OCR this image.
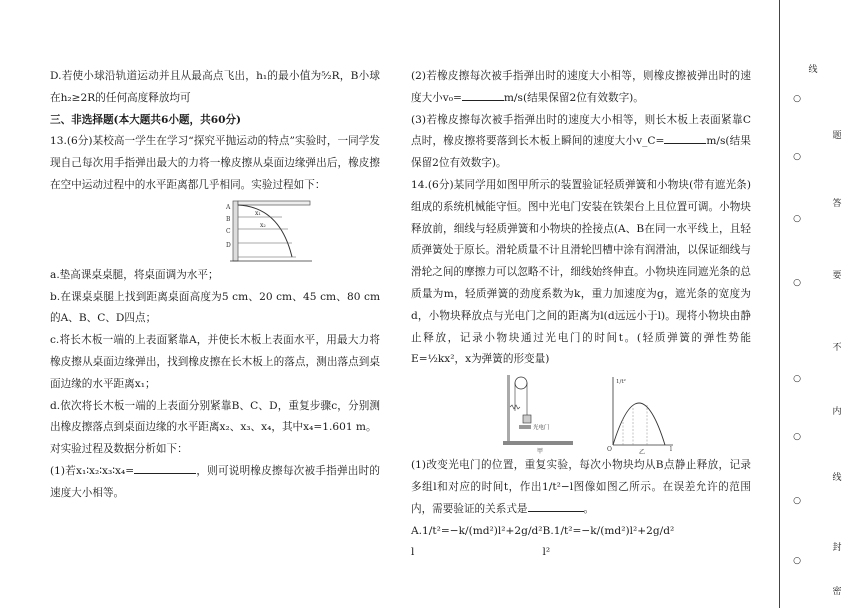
D.若使小球沿轨道运动并且从最高点飞出，h₁的最小值为⁵⁄₂R，B小球在h₂≥2R的任何高度释放均可

三、非选择题(本大题共6小题，共60分)

13.(6分)某校高一学生在学习“探究平抛运动的特点”实验时，一同学发现自己每次用手指弹出最大的力将一橡皮擦从桌面边缘弹出后，橡皮擦在空中运动过程中的水平距离都几乎相同。实验过程如下：

A
B
C
D
x₁
x₂

a.垫高课桌桌腿，将桌面调为水平；

b.在课桌桌腿上找到距离桌面高度为5 cm、20 cm、45 cm、80 cm的A、B、C、D四点；

c.将长木板一端的上表面紧靠A，并使长木板上表面水平，用最大力将橡皮擦从桌面边缘弹出，找到橡皮擦在长木板上的落点，测出落点到桌面边缘的水平距离x₁；

d.依次将长木板一端的上表面分别紧靠B、C、D，重复步骤c，分别测出橡皮擦落点到桌面边缘的水平距离x₂、x₃、x₄，其中x₄=1.601 m。

对实验过程及数据分析如下：

(1)若x₁∶x₂∶x₃∶x₄=	，则可说明橡皮擦每次被手指弹出时的速度大小相等。

(2)若橡皮擦每次被手指弹出时的速度大小相等，则橡皮擦被弹出时的速度大小v₀=	m/s(结果保留2位有效数字)。

(3)若橡皮擦每次被手指弹出时的速度大小相等，则长木板上表面紧靠C点时，橡皮擦将要落到长木板上瞬间的速度大小v_C=	m/s(结果保留2位有效数字)。

14.(6分)某同学用如图甲所示的装置验证轻质弹簧和小物块(带有遮光条)组成的系统机械能守恒。图中光电门安装在铁架台上且位置可调。小物块释放前，细线与轻质弹簧和小物块的拴接点(A、B在同一水平线上，且轻质弹簧处于原长。滑轮质量不计且滑轮凹槽中涂有润滑油，以保证细线与滑轮之间的摩擦力可以忽略不计，细线始终伸直。小物块连同遮光条的总质量为m，轻质弹簧的劲度系数为k，重力加速度为g，遮光条的宽度为d，小物块释放点与光电门之间的距离为l(d远远小于l)。现将小物块由静止释放，记录小物块通过光电门的时间t。(轻质弹簧的弹性势能E=½kx²，x为弹簧的形变量)

光电门
甲
1/t²
l
O	乙

(1)改变光电门的位置，重复实验，每次小物块均从B点静止释放，记录多组l和对应的时间t，作出1/t²−l图像如图乙所示。在误差允许的范围内，需要验证的关系式是	。

A.1/t²=−k/(md²)l²+2g/d² l
B.1/t²=−k/(md²)l²+2g/d² l²
线
○
题
○
答
○
要
○
不
○
内
○
线
○
封
○
密
